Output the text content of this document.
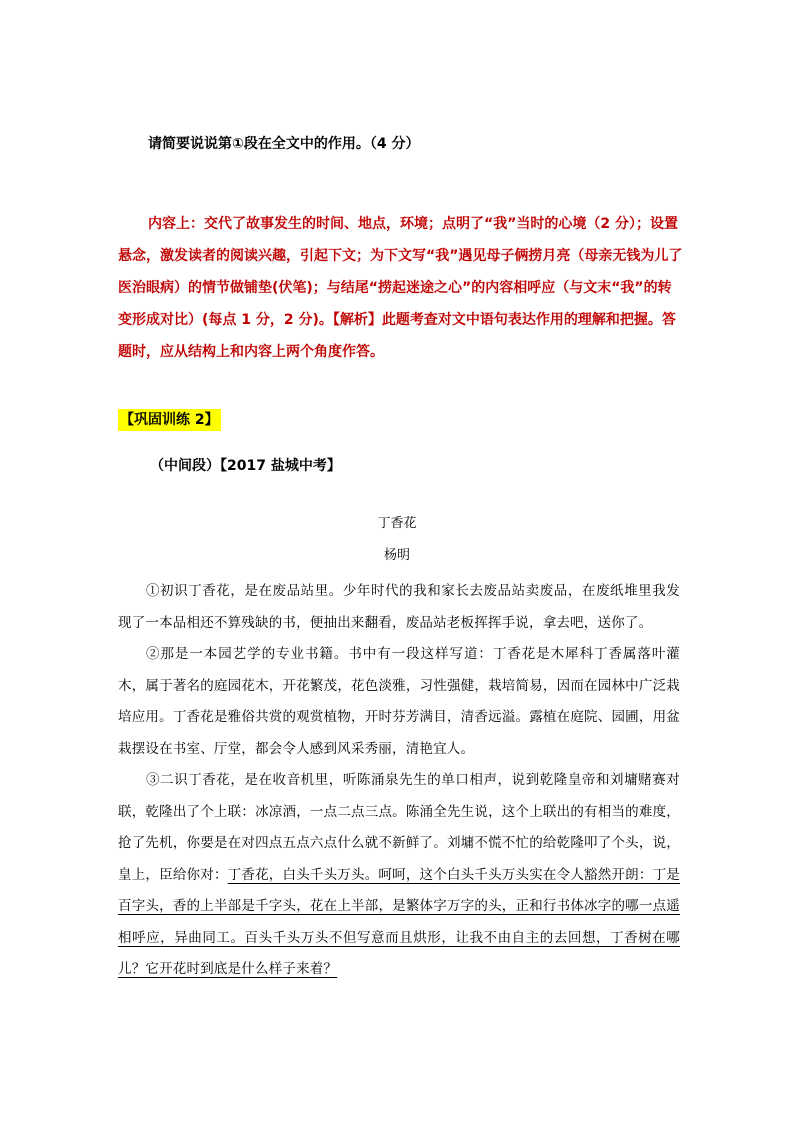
请简要说说第①段在全文中的作用。（4 分）
内容上：交代了故事发生的时间、地点，环境；点明了“我”当时的心境（2 分）；设置悬念，激发读者的阅读兴趣，引起下文；为下文写“我”遇见母子俩捞月亮（母亲无钱为儿了医治眼病）的情节做铺垫(伏笔)；与结尾“捞起迷途之心”的内容相呼应（与文末“我”的转变形成对比）(每点 1 分，2 分)。【解析】此题考查对文中语句表达作用的理解和把握。答题时，应从结构上和内容上两个角度作答。
【巩固训练 2】
（中间段）【2017 盐城中考】
丁香花
杨明

①初识丁香花，是在废品站里。少年时代的我和家长去废品站卖废品，在废纸堆里我发现了一本品相还不算残缺的书，便抽出来翻看，废品站老板挥挥手说，拿去吧，送你了。

②那是一本园艺学的专业书籍。书中有一段这样写道：丁香花是木犀科丁香属落叶灌木，属于著名的庭园花木，开花繁茂，花色淡雅，习性强健，栽培简易，因而在园林中广泛栽培应用。丁香花是雅俗共赏的观赏植物，开时芬芳满目，清香远溢。露植在庭院、园圃，用盆栽摆设在书室、厅堂，都会令人感到风采秀丽，清艳宜人。

③二识丁香花，是在收音机里，听陈涌泉先生的单口相声，说到乾隆皇帝和刘墉赌赛对联，乾隆出了个上联：冰凉酒，一点二点三点。陈涌全先生说，这个上联出的有相当的难度，抢了先机，你要是在对四点五点六点什么就不新鲜了。刘墉不慌不忙的给乾隆叩了个头，说，皇上，臣给你对：丁香花，白头千头万头。呵呵，这个白头千头万头实在令人豁然开朗：丁是百字头，香的上半部是千字头，花在上半部，是繁体字万字的头，正和行书体冰字的哪一点遥相呼应，异曲同工。百头千头万头不但写意而且烘形，让我不由自主的去回想，丁香树在哪儿？它开花时到底是什么样子来着？
